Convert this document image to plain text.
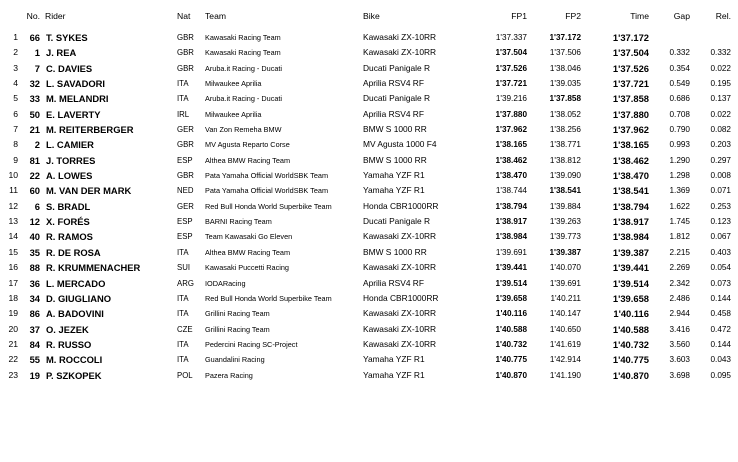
No. Rider	Nat Team	Bike	FP1	FP2	Time	Gap	Rel.
1	66 T. SYKES	GBR Kawasaki Racing Team	Kawasaki ZX-10RR	1'37.337	1'37.172	1'37.172
2	1 J. REA	GBR Kawasaki Racing Team	Kawasaki ZX-10RR	1'37.504	1'37.506	1'37.504	0.332	0.332
3	7 C. DAVIES	GBR Aruba.it Racing - Ducati	Ducati Panigale R	1'37.526	1'38.046	1'37.526	0.354	0.022
4	32 L. SAVADORI	ITA Milwaukee Aprilia	Aprilia RSV4 RF	1'37.721	1'39.035	1'37.721	0.549	0.195
5	33 M. MELANDRI	ITA Aruba.it Racing - Ducati	Ducati Panigale R	1'39.216	1'37.858	1'37.858	0.686	0.137
6	50 E. LAVERTY	IRL Milwaukee Aprilia	Aprilia RSV4 RF	1'37.880	1'38.052	1'37.880	0.708	0.022
7	21 M. REITERBERGER	GER Van Zon Remeha BMW	BMW S 1000 RR	1'37.962	1'38.256	1'37.962	0.790	0.082
8	2 L. CAMIER	GBR MV Agusta Reparto Corse	MV Agusta 1000 F4	1'38.165	1'38.771	1'38.165	0.993	0.203
9	81 J. TORRES	ESP Althea BMW Racing Team	BMW S 1000 RR	1'38.462	1'38.812	1'38.462	1.290	0.297
10	22 A. LOWES	GBR Pata Yamaha Official WorldSBK Team	Yamaha YZF R1	1'38.470	1'39.090	1'38.470	1.298	0.008
11	60 M. VAN DER MARK	NED Pata Yamaha Official WorldSBK Team	Yamaha YZF R1	1'38.744	1'38.541	1'38.541	1.369	0.071
12	6 S. BRADL	GER Red Bull Honda World Superbike Team	Honda CBR1000RR	1'38.794	1'39.884	1'38.794	1.622	0.253
13	12 X. FORÉS	ESP BARNI Racing Team	Ducati Panigale R	1'38.917	1'39.263	1'38.917	1.745	0.123
14	40 R. RAMOS	ESP Team Kawasaki Go Eleven	Kawasaki ZX-10RR	1'38.984	1'39.773	1'38.984	1.812	0.067
15	35 R. DE ROSA	ITA Althea BMW Racing Team	BMW S 1000 RR	1'39.691	1'39.387	1'39.387	2.215	0.403
16	88 R. KRUMMENACHER	SUI Kawasaki Puccetti Racing	Kawasaki ZX-10RR	1'39.441	1'40.070	1'39.441	2.269	0.054
17	36 L. MERCADO	ARG IODARacing	Aprilia RSV4 RF	1'39.514	1'39.691	1'39.514	2.342	0.073
18	34 D. GIUGLIANO	ITA Red Bull Honda World Superbike Team	Honda CBR1000RR	1'39.658	1'40.211	1'39.658	2.486	0.144
19	86 A. BADOVINI	ITA Grillini Racing Team	Kawasaki ZX-10RR	1'40.116	1'40.147	1'40.116	2.944	0.458
20	37 O. JEZEK	CZE Grillini Racing Team	Kawasaki ZX-10RR	1'40.588	1'40.650	1'40.588	3.416	0.472
21	84 R. RUSSO	ITA Pedercini Racing SC-Project	Kawasaki ZX-10RR	1'40.732	1'41.619	1'40.732	3.560	0.144
22	55 M. ROCCOLI	ITA Guandalini Racing	Yamaha YZF R1	1'40.775	1'42.914	1'40.775	3.603	0.043
23	19 P. SZKOPEK	POL Pazera Racing	Yamaha YZF R1	1'40.870	1'41.190	1'40.870	3.698	0.095
